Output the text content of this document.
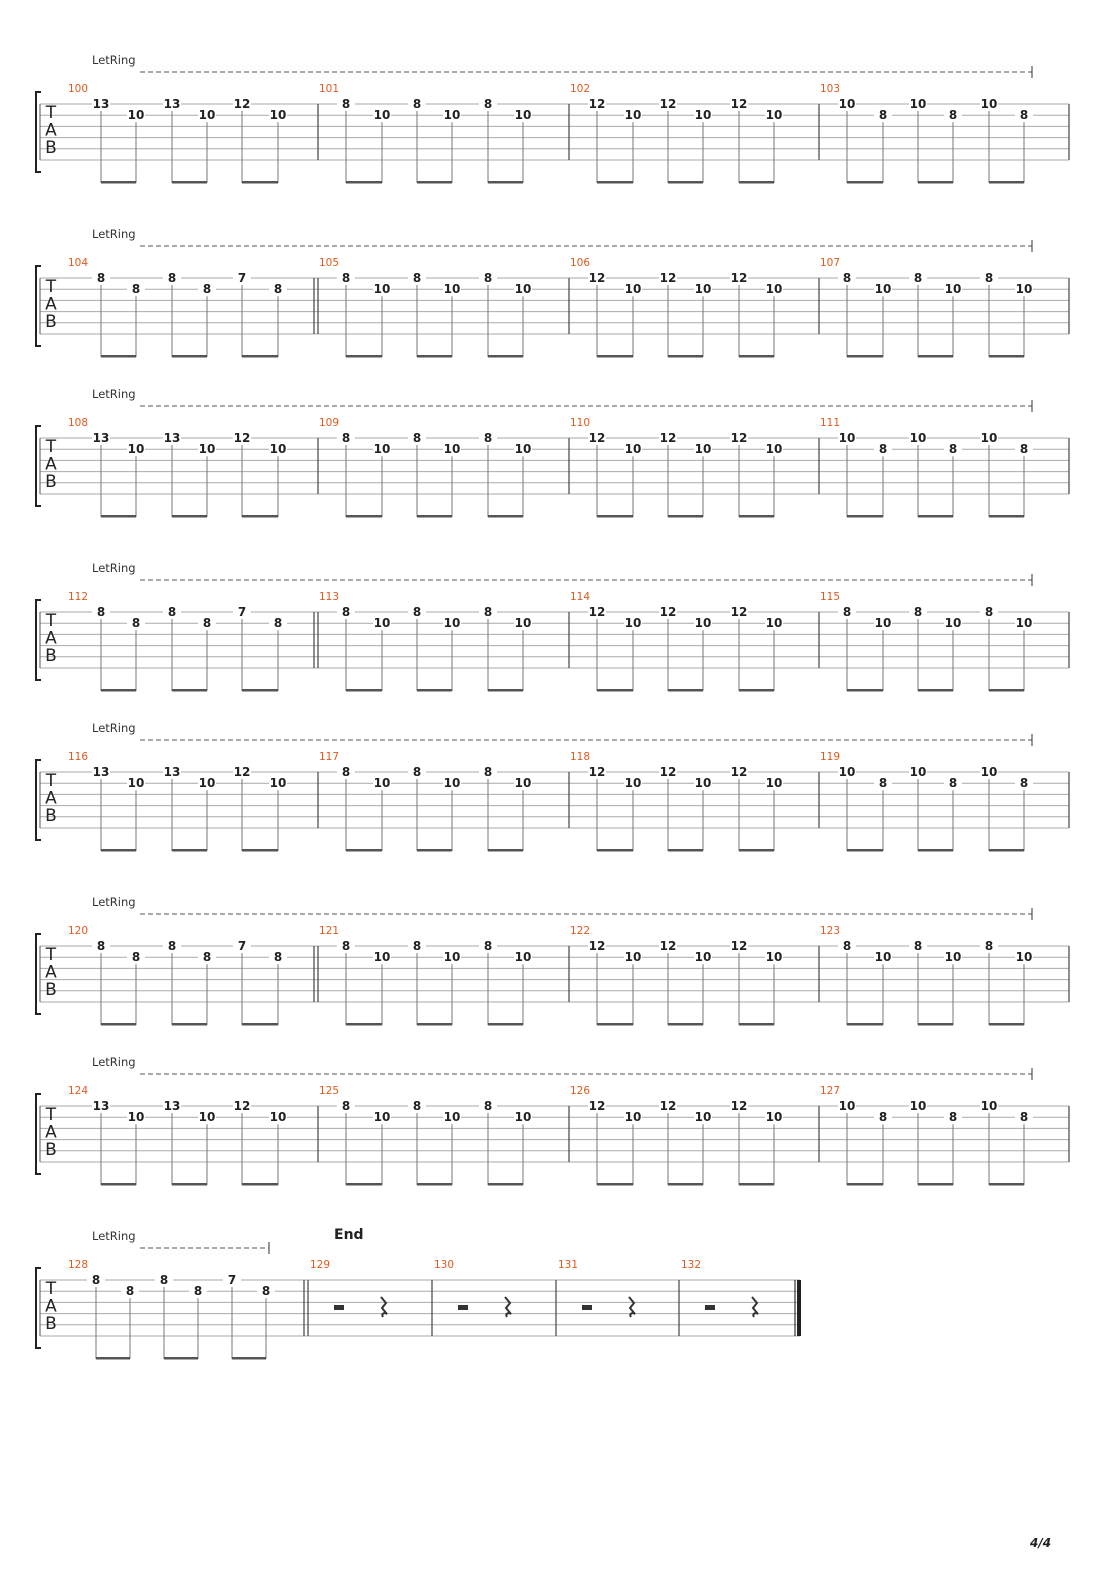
LetRing
T
A
B
100
13
10
13
10
12
10
101
8
10
8
10
8
10
102
12
10
12
10
12
10
103
10
8
10
8
10
8
LetRing
T
A
B
104
8
8
8
8
7
8
105
8
10
8
10
8
10
106
12
10
12
10
12
10
107
8
10
8
10
8
10
LetRing
T
A
B
108
13
10
13
10
12
10
109
8
10
8
10
8
10
110
12
10
12
10
12
10
111
10
8
10
8
10
8
LetRing
T
A
B
112
8
8
8
8
7
8
113
8
10
8
10
8
10
114
12
10
12
10
12
10
115
8
10
8
10
8
10
LetRing
T
A
B
116
13
10
13
10
12
10
117
8
10
8
10
8
10
118
12
10
12
10
12
10
119
10
8
10
8
10
8
LetRing
T
A
B
120
8
8
8
8
7
8
121
8
10
8
10
8
10
122
12
10
12
10
12
10
123
8
10
8
10
8
10
LetRing
T
A
B
124
13
10
13
10
12
10
125
8
10
8
10
8
10
126
12
10
12
10
12
10
127
10
8
10
8
10
8
LetRing
T
A
B
128
8
8
8
8
7
8
End
129	130	131	132
4/4
